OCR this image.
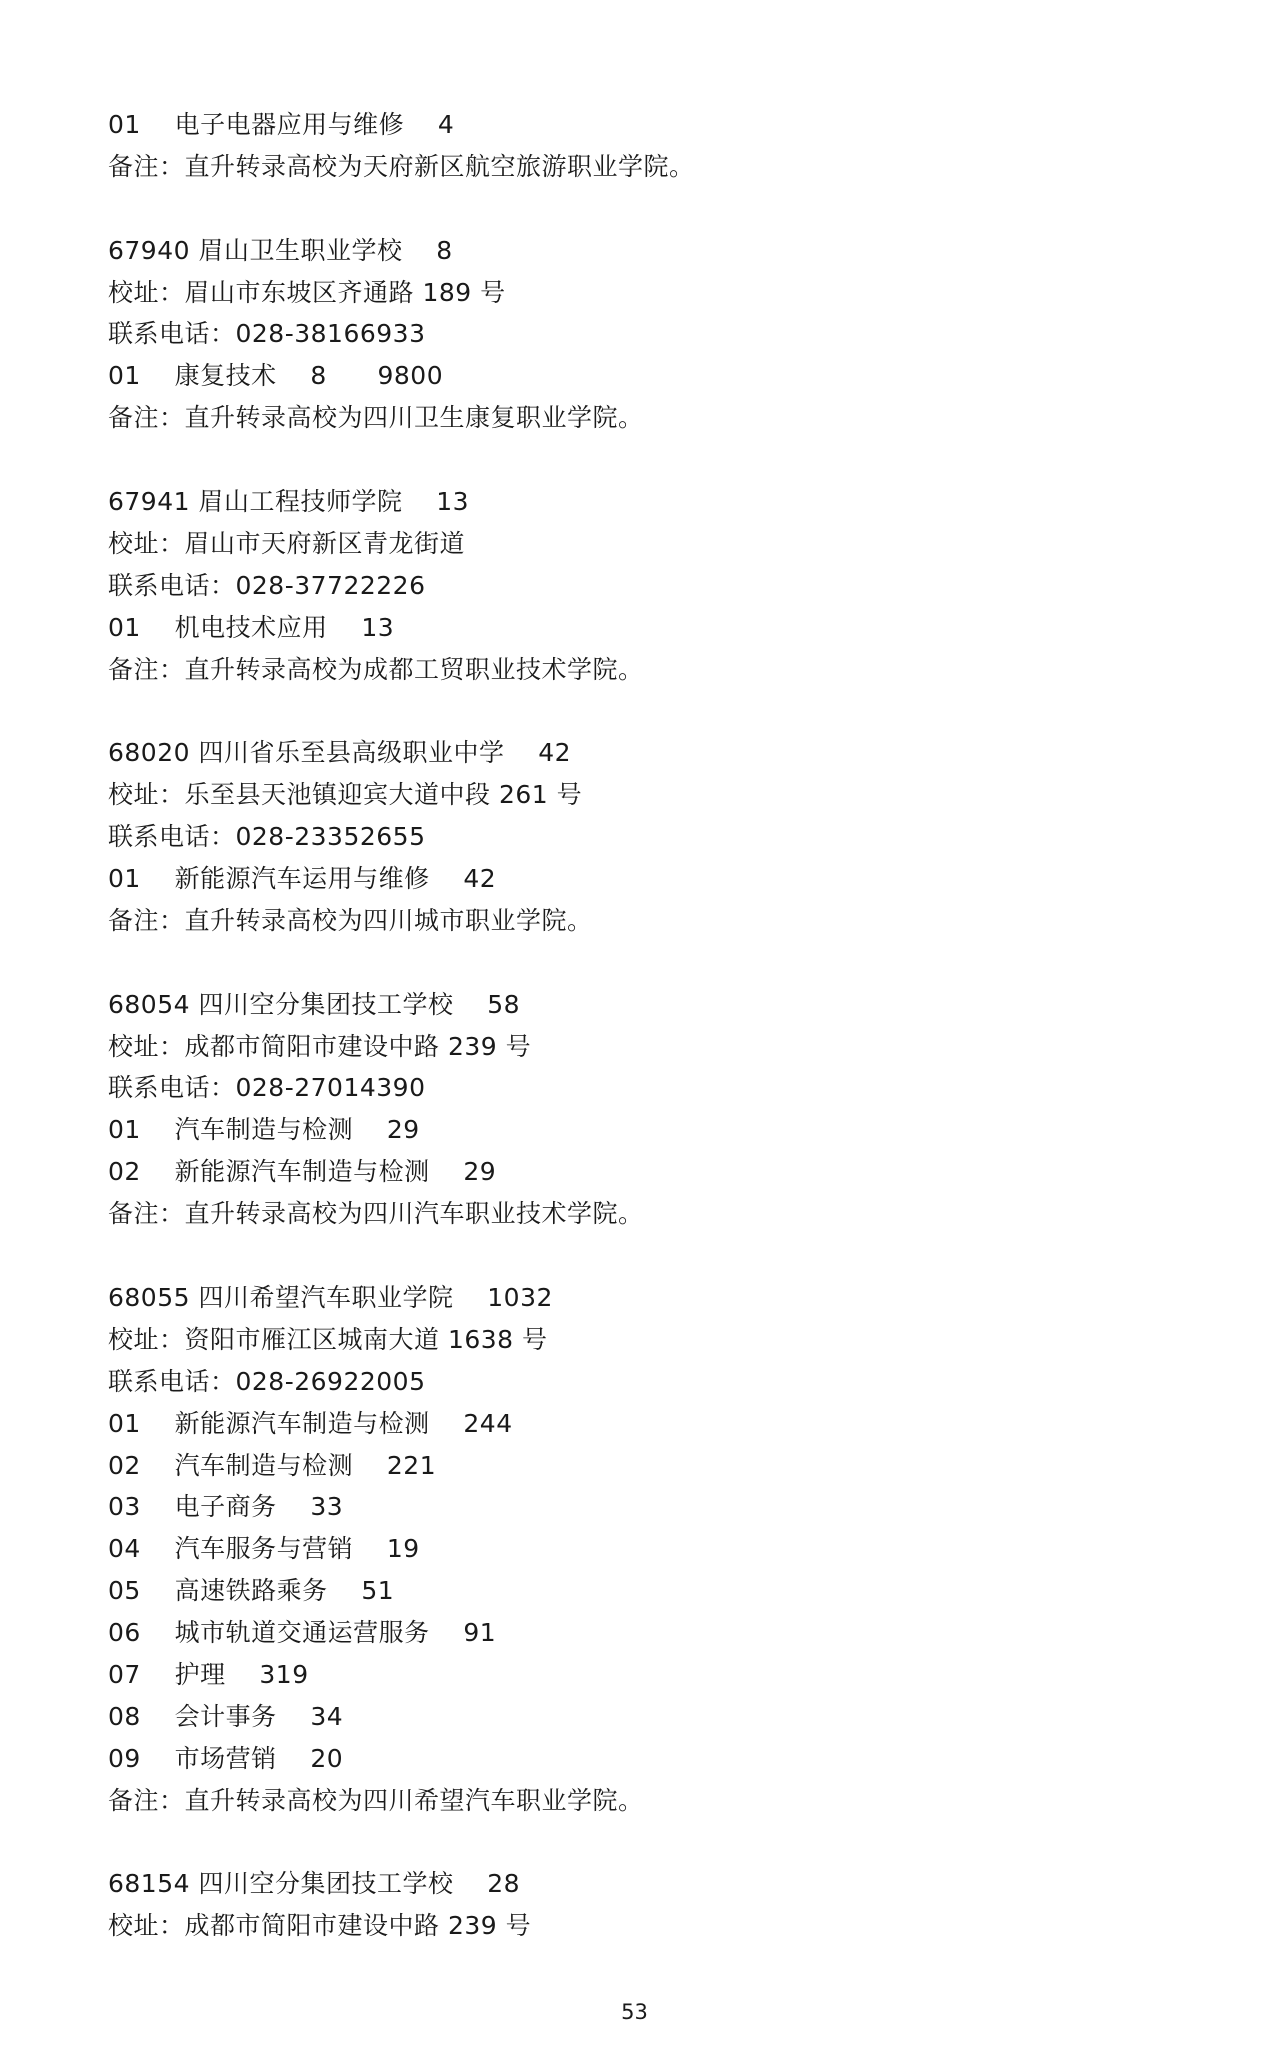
01    电子电器应用与维修    4
备注：直升转录高校为天府新区航空旅游职业学院。
67940 眉山卫生职业学校    8
校址：眉山市东坡区齐通路 189 号
联系电话：028-38166933
01    康复技术    8      9800
备注：直升转录高校为四川卫生康复职业学院。
67941 眉山工程技师学院    13
校址：眉山市天府新区青龙街道
联系电话：028-37722226
01    机电技术应用    13
备注：直升转录高校为成都工贸职业技术学院。
68020 四川省乐至县高级职业中学    42
校址：乐至县天池镇迎宾大道中段 261 号
联系电话：028-23352655
01    新能源汽车运用与维修    42
备注：直升转录高校为四川城市职业学院。
68054 四川空分集团技工学校    58
校址：成都市简阳市建设中路 239 号
联系电话：028-27014390
01    汽车制造与检测    29
02    新能源汽车制造与检测    29
备注：直升转录高校为四川汽车职业技术学院。
68055 四川希望汽车职业学院    1032
校址：资阳市雁江区城南大道 1638 号
联系电话：028-26922005
01    新能源汽车制造与检测    244
02    汽车制造与检测    221
03    电子商务    33
04    汽车服务与营销    19
05    高速铁路乘务    51
06    城市轨道交通运营服务    91
07    护理    319
08    会计事务    34
09    市场营销    20
备注：直升转录高校为四川希望汽车职业学院。
68154 四川空分集团技工学校    28
校址：成都市简阳市建设中路 239 号
53
